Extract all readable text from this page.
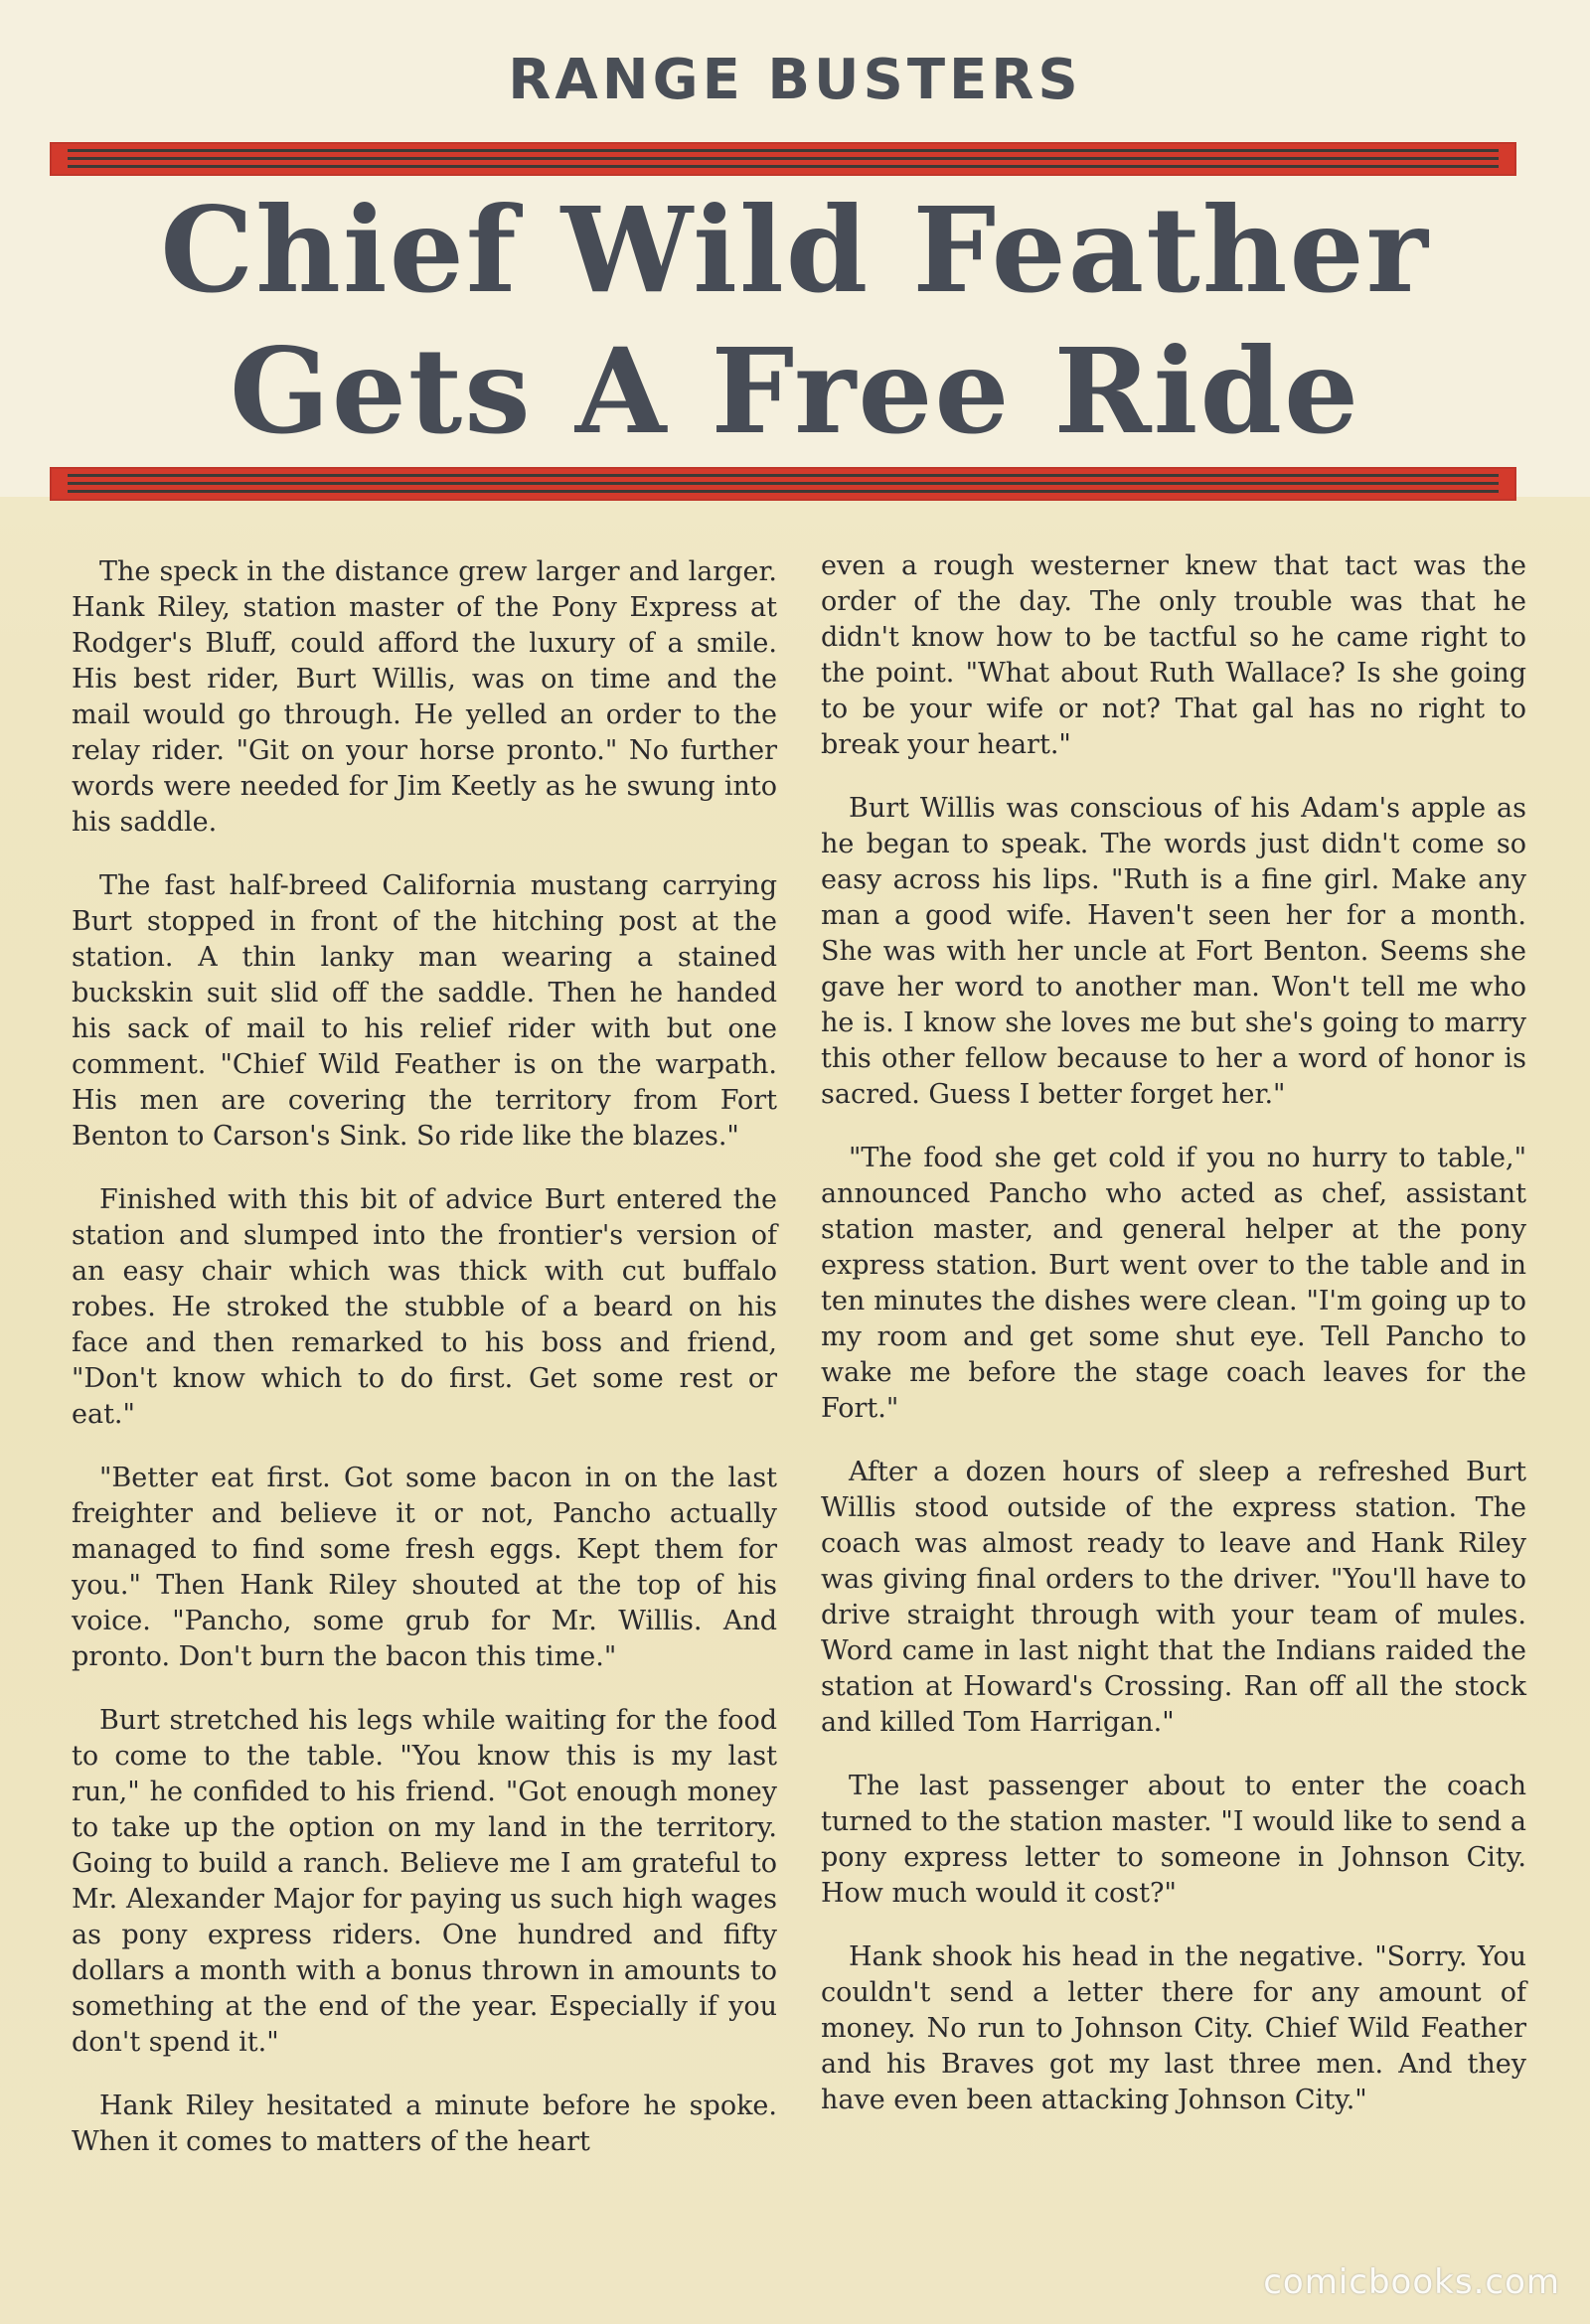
RANGE BUSTERS
Chief Wild Feather
Gets A Free Ride

The speck in the distance grew larger and larger. Hank Riley, station master of the Pony Express at Rodger's Bluff, could afford the luxury of a smile. His best rider, Burt Willis, was on time and the mail would go through. He yelled an order to the relay rider. "Git on your horse pronto." No further words were needed for Jim Keetly as he swung into his saddle.

The fast half-breed California mustang carrying Burt stopped in front of the hitching post at the station. A thin lanky man wearing a stained buckskin suit slid off the saddle. Then he handed his sack of mail to his relief rider with but one comment. "Chief Wild Feather is on the warpath. His men are covering the territory from Fort Benton to Carson's Sink. So ride like the blazes."

Finished with this bit of advice Burt entered the station and slumped into the frontier's version of an easy chair which was thick with cut buffalo robes. He stroked the stubble of a beard on his face and then remarked to his boss and friend, "Don't know which to do first. Get some rest or eat."

"Better eat first. Got some bacon in on the last freighter and believe it or not, Pancho actually managed to find some fresh eggs. Kept them for you." Then Hank Riley shouted at the top of his voice. "Pancho, some grub for Mr. Willis. And pronto. Don't burn the bacon this time."

Burt stretched his legs while waiting for the food to come to the table. "You know this is my last run," he confided to his friend. "Got enough money to take up the option on my land in the territory. Going to build a ranch. Believe me I am grateful to Mr. Alexander Major for paying us such high wages as pony express riders. One hundred and fifty dollars a month with a bonus thrown in amounts to something at the end of the year. Especially if you don't spend it."

Hank Riley hesitated a minute before he spoke. When it comes to matters of the heart

even a rough westerner knew that tact was the order of the day. The only trouble was that he didn't know how to be tactful so he came right to the point. "What about Ruth Wallace? Is she going to be your wife or not? That gal has no right to break your heart."

Burt Willis was conscious of his Adam's apple as he began to speak. The words just didn't come so easy across his lips. "Ruth is a fine girl. Make any man a good wife. Haven't seen her for a month. She was with her uncle at Fort Benton. Seems she gave her word to another man. Won't tell me who he is. I know she loves me but she's going to marry this other fellow because to her a word of honor is sacred. Guess I better forget her."

"The food she get cold if you no hurry to table," announced Pancho who acted as chef, assistant station master, and general helper at the pony express station. Burt went over to the table and in ten minutes the dishes were clean. "I'm going up to my room and get some shut eye. Tell Pancho to wake me before the stage coach leaves for the Fort."

After a dozen hours of sleep a refreshed Burt Willis stood outside of the express station. The coach was almost ready to leave and Hank Riley was giving final orders to the driver. "You'll have to drive straight through with your team of mules. Word came in last night that the Indians raided the station at Howard's Crossing. Ran off all the stock and killed Tom Harrigan."

The last passenger about to enter the coach turned to the station master. "I would like to send a pony express letter to someone in Johnson City. How much would it cost?"

Hank shook his head in the negative. "Sorry. You couldn't send a letter there for any amount of money. No run to Johnson City. Chief Wild Feather and his Braves got my last three men. And they have even been attacking Johnson City."

comicbooks.com
